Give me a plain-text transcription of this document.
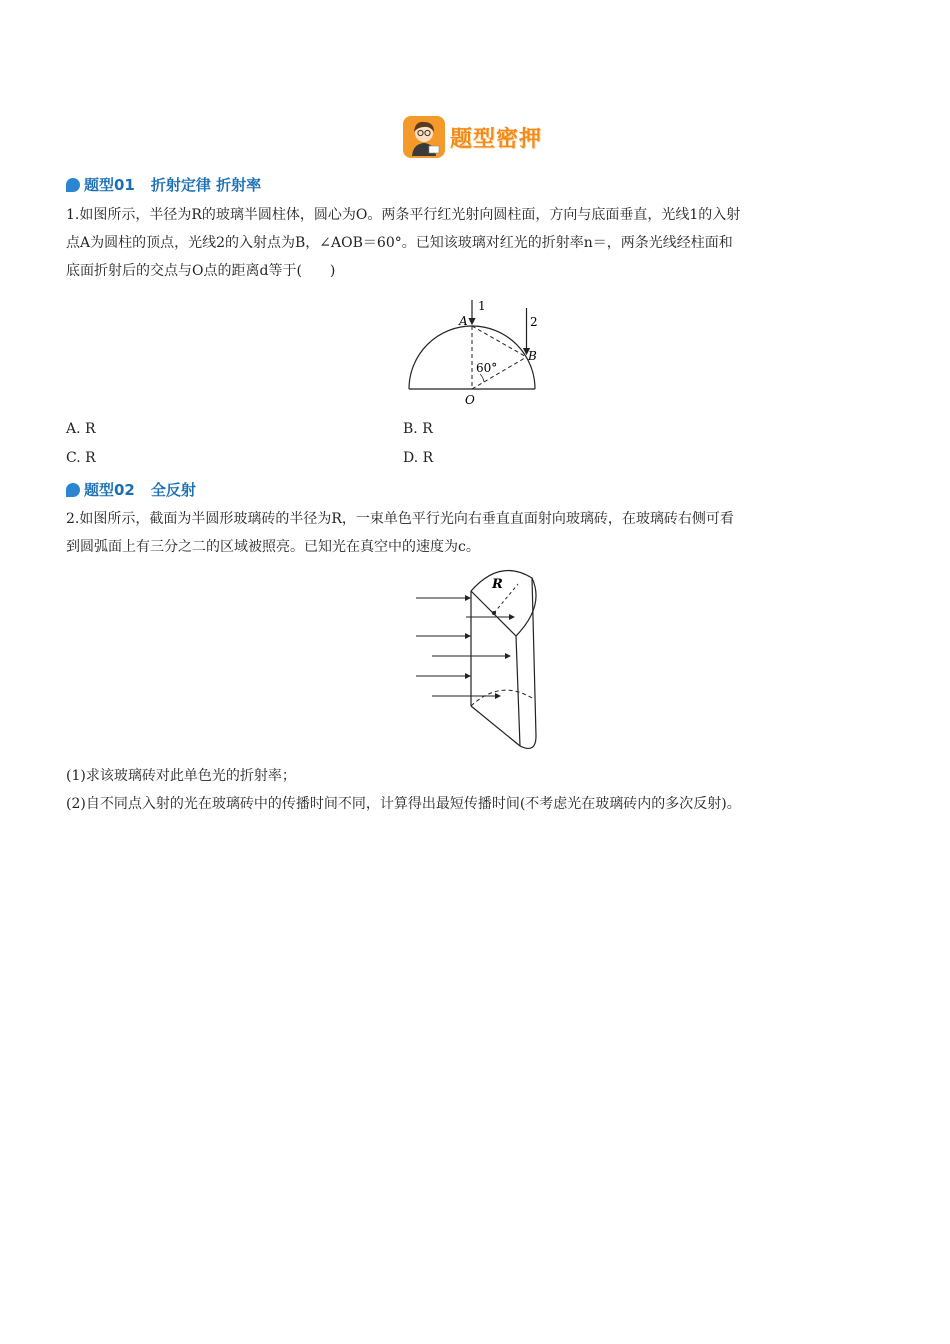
题型密押
题型01 折射定律 折射率
1.如图所示，半径为R的玻璃半圆柱体，圆心为O。两条平行红光射向圆柱面，方向与底面垂直，光线1的入射
点A为圆柱的顶点，光线2的入射点为B，∠AOB＝60°。已知该玻璃对红光的折射率n＝，两条光线经柱面和
底面折射后的交点与O点的距离d等于(　　)
1
2
A
B
O
60°
A. R	B. R
C. R	D. R
题型02 全反射
2.如图所示，截面为半圆形玻璃砖的半径为R，一束单色平行光向右垂直直面射向玻璃砖，在玻璃砖右侧可看
到圆弧面上有三分之二的区域被照亮。已知光在真空中的速度为c。
R
(1)求该玻璃砖对此单色光的折射率；
(2)自不同点入射的光在玻璃砖中的传播时间不同，计算得出最短传播时间(不考虑光在玻璃砖内的多次反射)。
